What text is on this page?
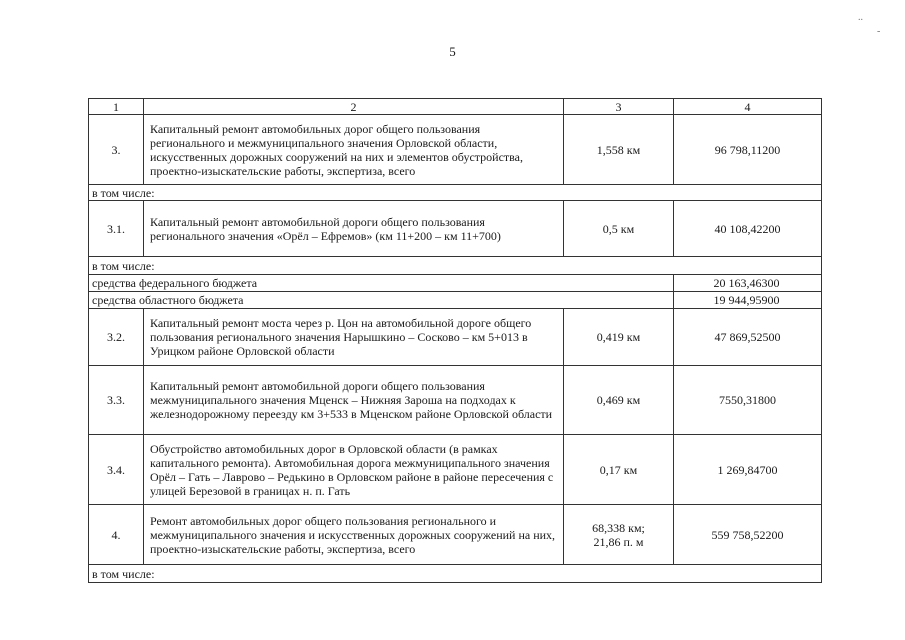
5
..
-
1	2	3	4
3.	Капитальный ремонт автомобильных дорог общего пользования регионального и межмуниципального значения Орловской области, искусственных дорожных сооружений на них и элементов обустройства, проектно-изыскательские работы, экспертиза, всего	1,558 км	96 798,11200
в том числе:			
3.1.	Капитальный ремонт автомобильной дороги общего пользования регионального значения «Орёл – Ефремов» (км 11+200 – км 11+700)	0,5 км	40 108,42200
в том числе:			
средства федерального бюджета			20 163,46300
средства областного бюджета			19 944,95900
3.2.	Капитальный ремонт моста через р. Цон на автомобильной дороге общего пользования регионального значения Нарышкино – Сосково – км 5+013 в Урицком районе Орловской области	0,419 км	47 869,52500
3.3.	Капитальный ремонт автомобильной дороги общего пользования межмуниципального значения Мценск – Нижняя Зароша на подходах к железнодорожному переезду км 3+533 в Мценском районе Орловской области	0,469 км	7550,31800
3.4.	Обустройство автомобильных дорог в Орловской области (в рамках капитального ремонта). Автомобильная дорога межмуниципального значения Орёл – Гать – Лаврово – Редькино в Орловском районе в районе пересечения с улицей Березовой в границах н. п. Гать	0,17 км	1 269,84700
4.	Ремонт автомобильных дорог общего пользования регионального и межмуниципального значения и искусственных дорожных сооружений на них, проектно-изыскательские работы, экспертиза, всего	68,338 км;
21,86 п. м	559 758,52200
в том числе:			
